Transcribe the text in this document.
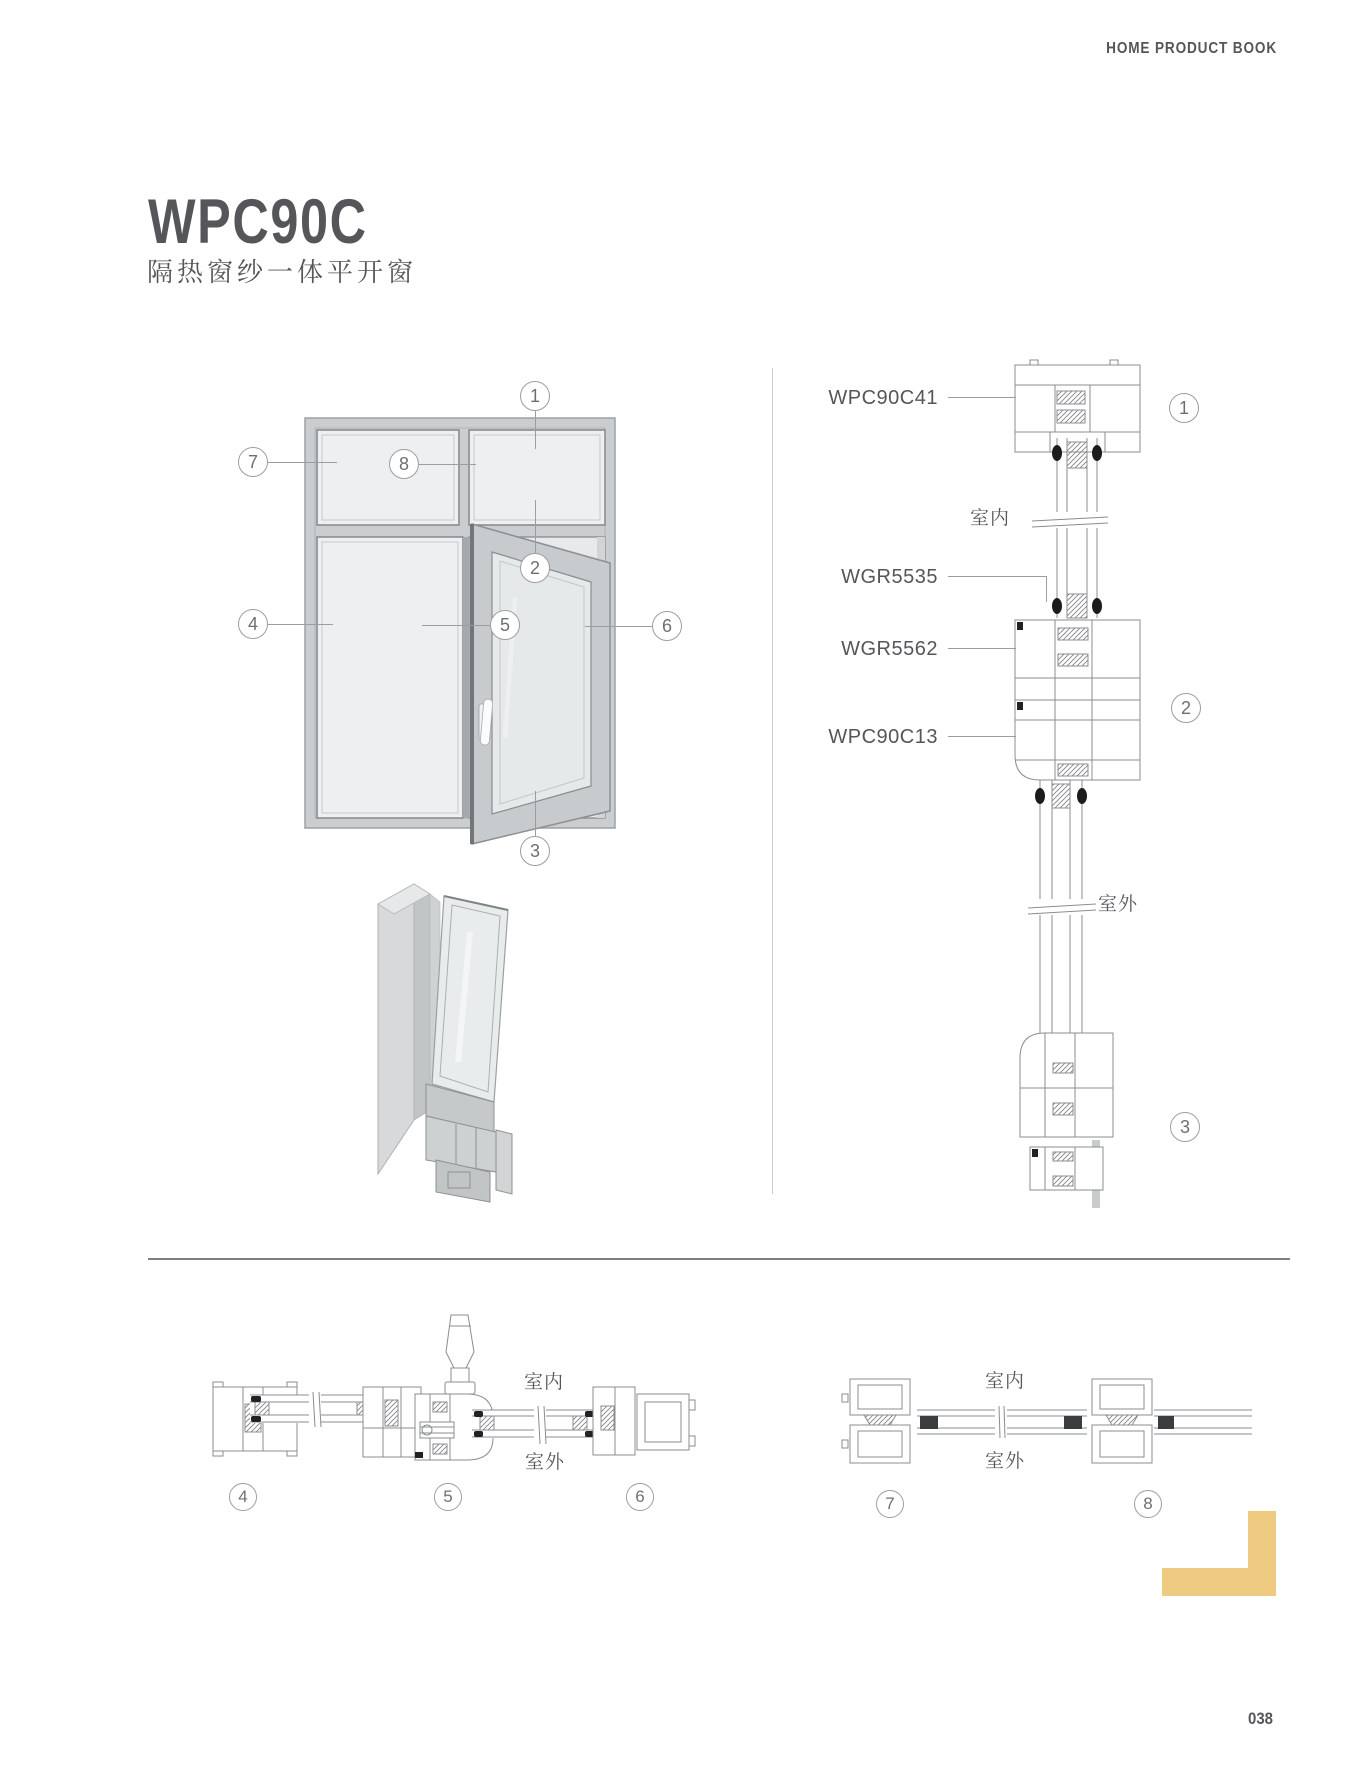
HOME PRODUCT BOOK
WPC90C
隔热窗纱一体平开窗
1
2
3
4	5	6
7	8
WPC90C41
室内
WGR5535
WGR5562
WPC90C13
室外
1
2
3
室内
室外
4	5	6
室内
室外
7	8
038
